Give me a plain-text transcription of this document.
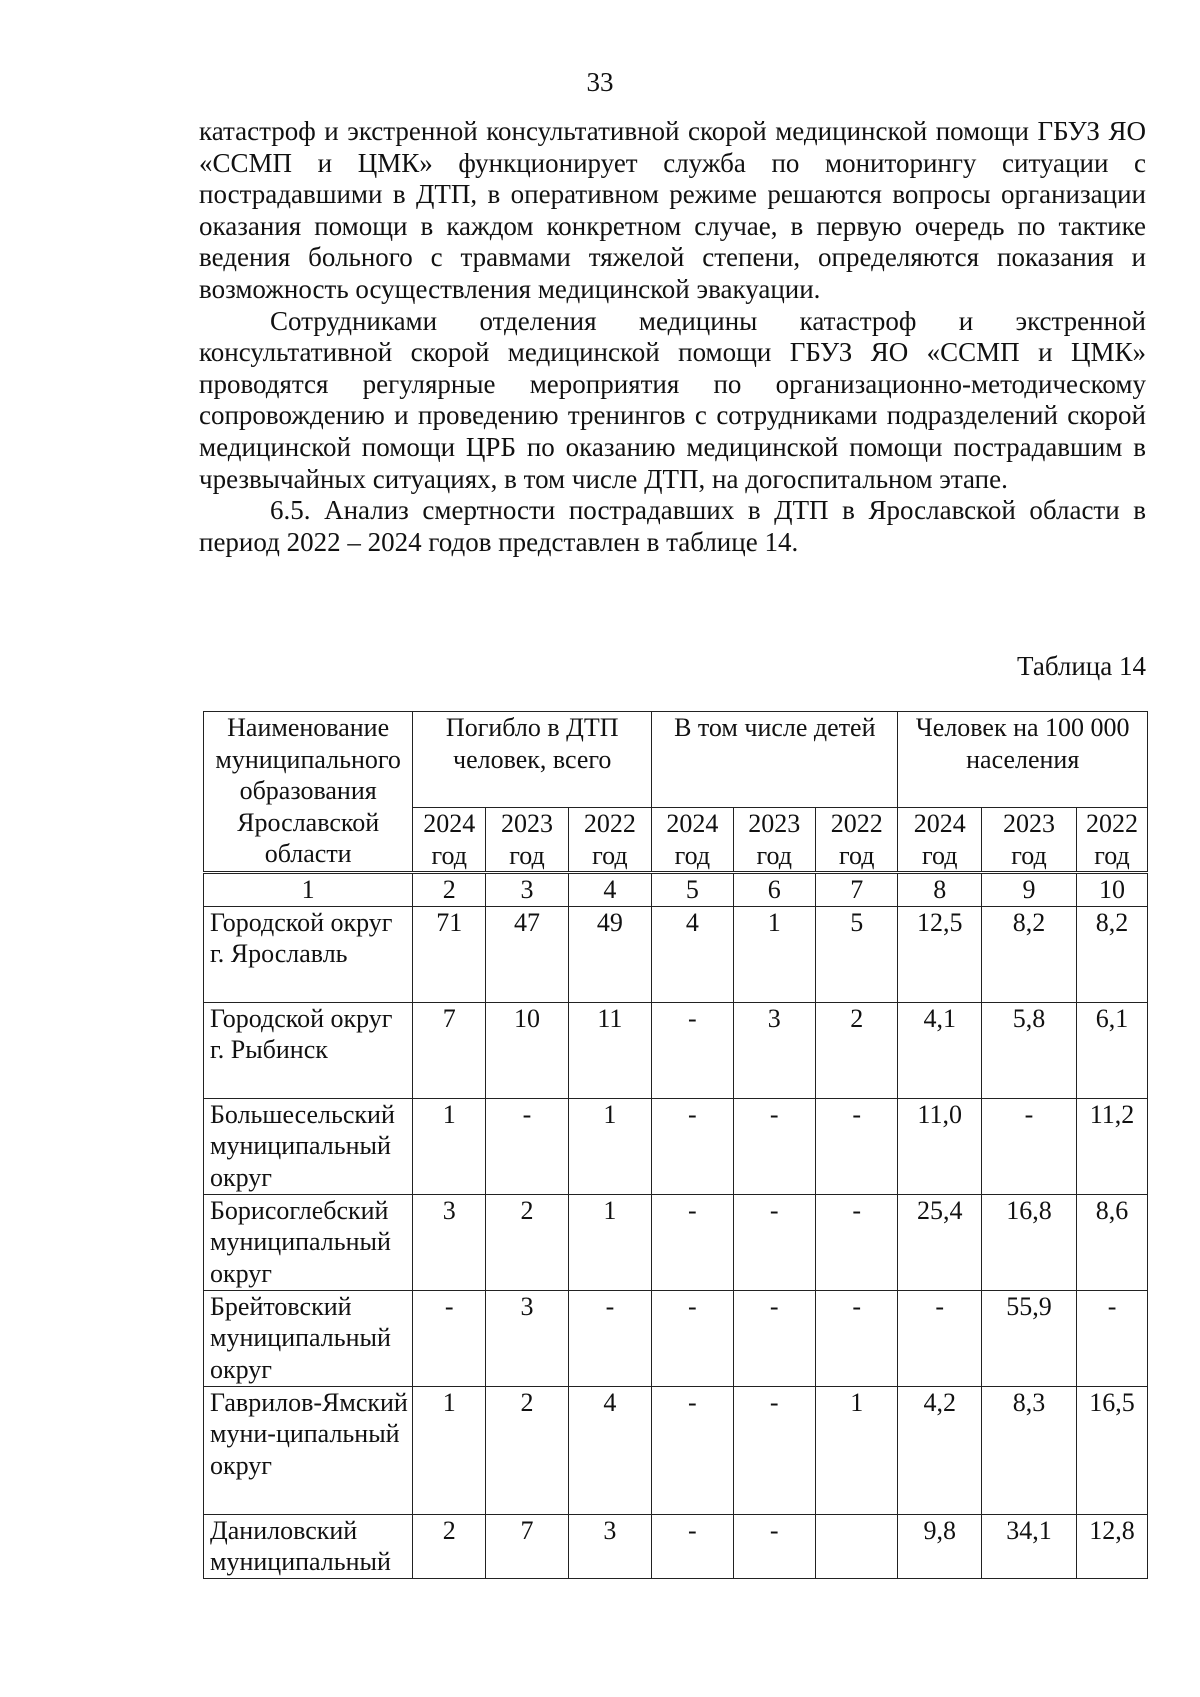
33

катастроф и экстренной консультативной скорой медицинской помощи ГБУЗ ЯО «ССМП и ЦМК» функционирует служба по мониторингу ситуации с пострадавшими в ДТП, в оперативном режиме решаются вопросы организации оказания помощи в каждом конкретном случае, в первую очередь по тактике ведения больного с травмами тяжелой степени, определяются показания и возможность осуществления медицинской эвакуации.

Сотрудниками отделения медицины катастроф и экстренной консультативной скорой медицинской помощи ГБУЗ ЯО «ССМП и ЦМК» проводятся регулярные мероприятия по организационно-методическому сопровождению и проведению тренингов с сотрудниками подразделений скорой медицинской помощи ЦРБ по оказанию медицинской помощи пострадавшим в чрезвычайных ситуациях, в том числе ДТП, на догоспитальном этапе.

6.5. Анализ смертности пострадавших в ДТП в Ярославской области в период 2022 – 2024 годов представлен в таблице 14.

Таблица 14
Наименование муниципального образования Ярославской области	Погибло в ДТП человек, всего			В том числе детей			Человек на 100 000 населения		
	2024 год	2023 год	2022 год	2024 год	2023 год	2022 год	2024 год	2023 год	2022 год
1	2	3	4	5	6	7	8	9	10
Городской округ г. Ярославль	71	47	49	4	1	5	12,5	8,2	8,2
Городской округ г. Рыбинск	7	10	11	-	3	2	4,1	5,8	6,1
Большесельский муниципальный округ	1	-	1	-	-	-	11,0	-	11,2
Борисоглебский муниципальный округ	3	2	1	-	-	-	25,4	16,8	8,6
Брейтовский муниципальный округ	-	3	-	-	-	-	-	55,9	-
Гаврилов-Ямский муни-ципальный округ	1	2	4	-	-	1	4,2	8,3	16,5
Даниловский муниципальный	2	7	3	-	-		9,8	34,1	12,8
